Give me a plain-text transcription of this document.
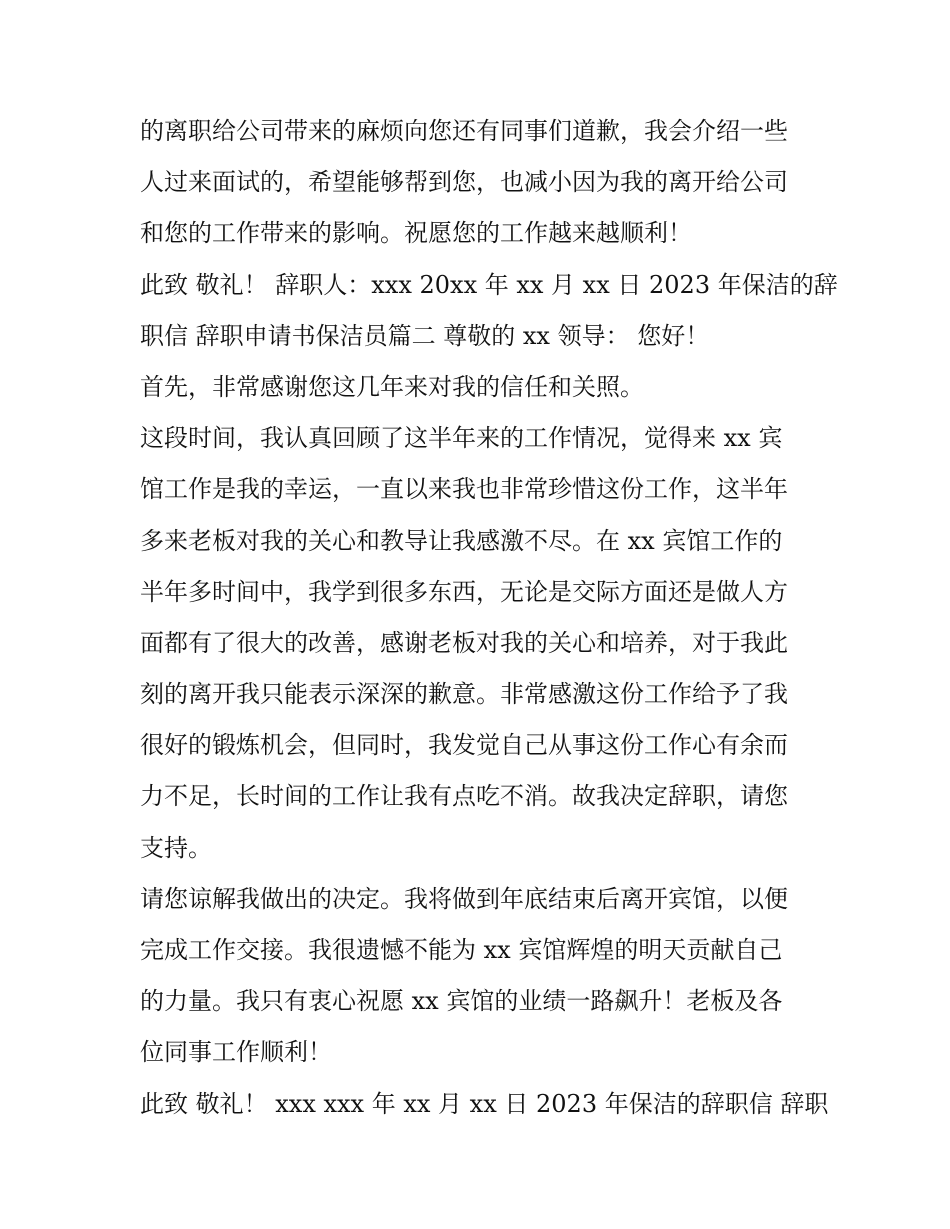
的离职给公司带来的麻烦向您还有同事们道歉，我会介绍一些
人过来面试的，希望能够帮到您，也减小因为我的离开给公司
和您的工作带来的影响。祝愿您的工作越来越顺利！
此致 敬礼！ 辞职人：xxx 20xx 年 xx 月 xx 日 2023 年保洁的辞
职信 辞职申请书保洁员篇二 尊敬的 xx 领导： 您好！
首先，非常感谢您这几年来对我的信任和关照。
这段时间，我认真回顾了这半年来的工作情况，觉得来 xx 宾
馆工作是我的幸运，一直以来我也非常珍惜这份工作，这半年
多来老板对我的关心和教导让我感激不尽。在 xx 宾馆工作的
半年多时间中，我学到很多东西，无论是交际方面还是做人方
面都有了很大的改善，感谢老板对我的关心和培养，对于我此
刻的离开我只能表示深深的歉意。非常感激这份工作给予了我
很好的锻炼机会，但同时，我发觉自己从事这份工作心有余而
力不足，长时间的工作让我有点吃不消。故我决定辞职，请您
支持。
请您谅解我做出的决定。我将做到年底结束后离开宾馆，以便
完成工作交接。我很遗憾不能为 xx 宾馆辉煌的明天贡献自己
的力量。我只有衷心祝愿 xx 宾馆的业绩一路飙升！老板及各
位同事工作顺利！
此致 敬礼！ xxx xxx 年 xx 月 xx 日 2023 年保洁的辞职信 辞职
